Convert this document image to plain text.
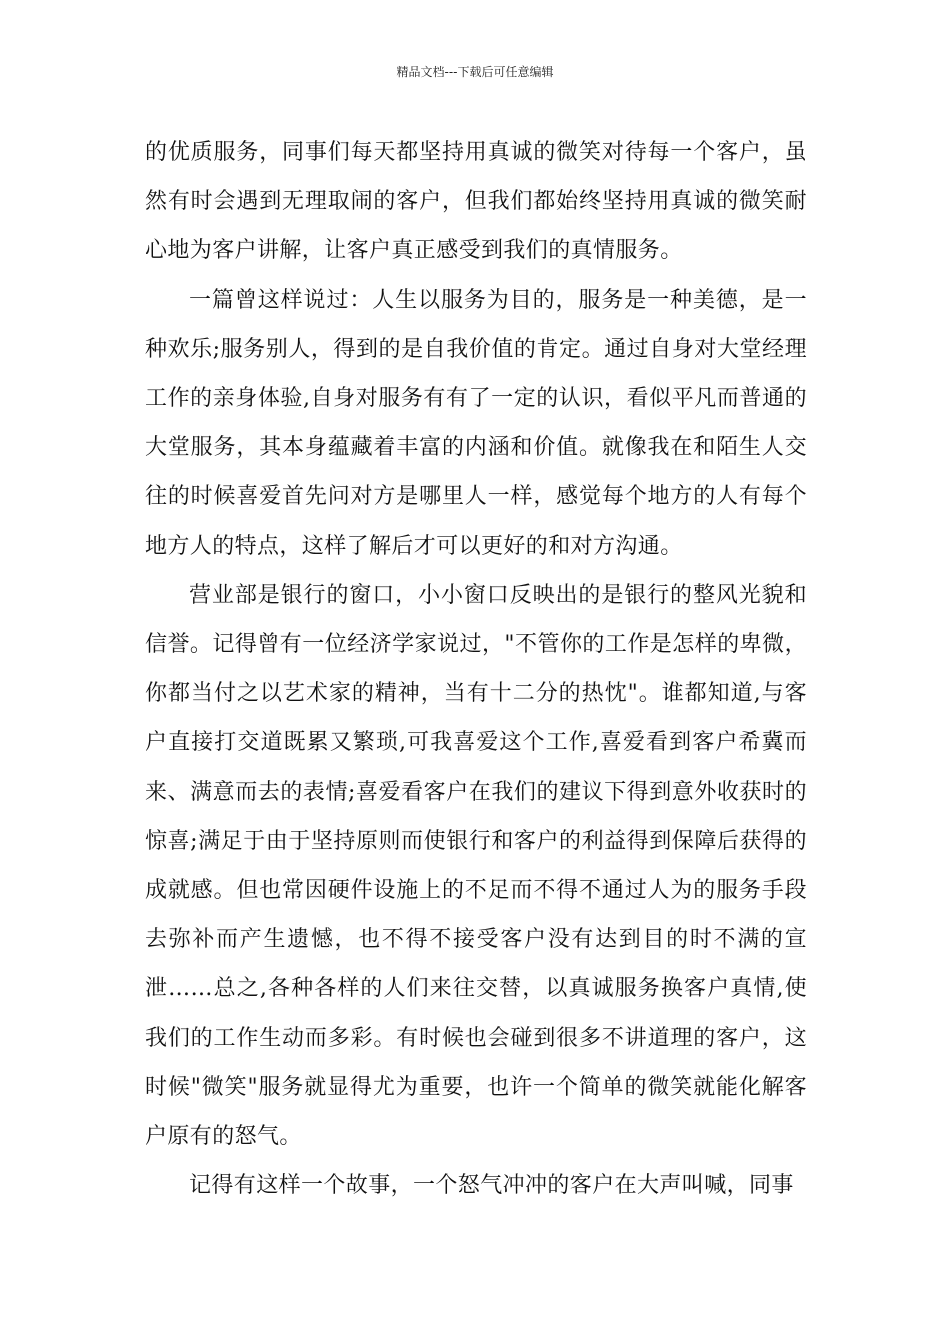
精品文档---下载后可任意编辑

的优质服务，同事们每天都坚持用真诚的微笑对待每一个客户，虽然有时会遇到无理取闹的客户，但我们都始终坚持用真诚的微笑耐心地为客户讲解，让客户真正感受到我们的真情服务。

一篇曾这样说过：人生以服务为目的，服务是一种美德，是一种欢乐;服务别人，得到的是自我价值的肯定。通过自身对大堂经理工作的亲身体验,自身对服务有有了一定的认识，看似平凡而普通的大堂服务，其本身蕴藏着丰富的内涵和价值。就像我在和陌生人交往的时候喜爱首先问对方是哪里人一样，感觉每个地方的人有每个地方人的特点，这样了解后才可以更好的和对方沟通。

营业部是银行的窗口，小小窗口反映出的是银行的整风光貌和信誉。记得曾有一位经济学家说过，"不管你的工作是怎样的卑微，你都当付之以艺术家的精神，当有十二分的热忱"。谁都知道,与客户直接打交道既累又繁琐,可我喜爱这个工作,喜爱看到客户希冀而来、满意而去的表情;喜爱看客户在我们的建议下得到意外收获时的惊喜;满足于由于坚持原则而使银行和客户的利益得到保障后获得的成就感。但也常因硬件设施上的不足而不得不通过人为的服务手段去弥补而产生遗憾，也不得不接受客户没有达到目的时不满的宣泄……总之,各种各样的人们来往交替，以真诚服务换客户真情,使我们的工作生动而多彩。有时候也会碰到很多不讲道理的客户，这时候"微笑"服务就显得尤为重要，也许一个简单的微笑就能化解客户原有的怒气。

记得有这样一个故事，一个怒气冲冲的客户在大声叫喊，同事
